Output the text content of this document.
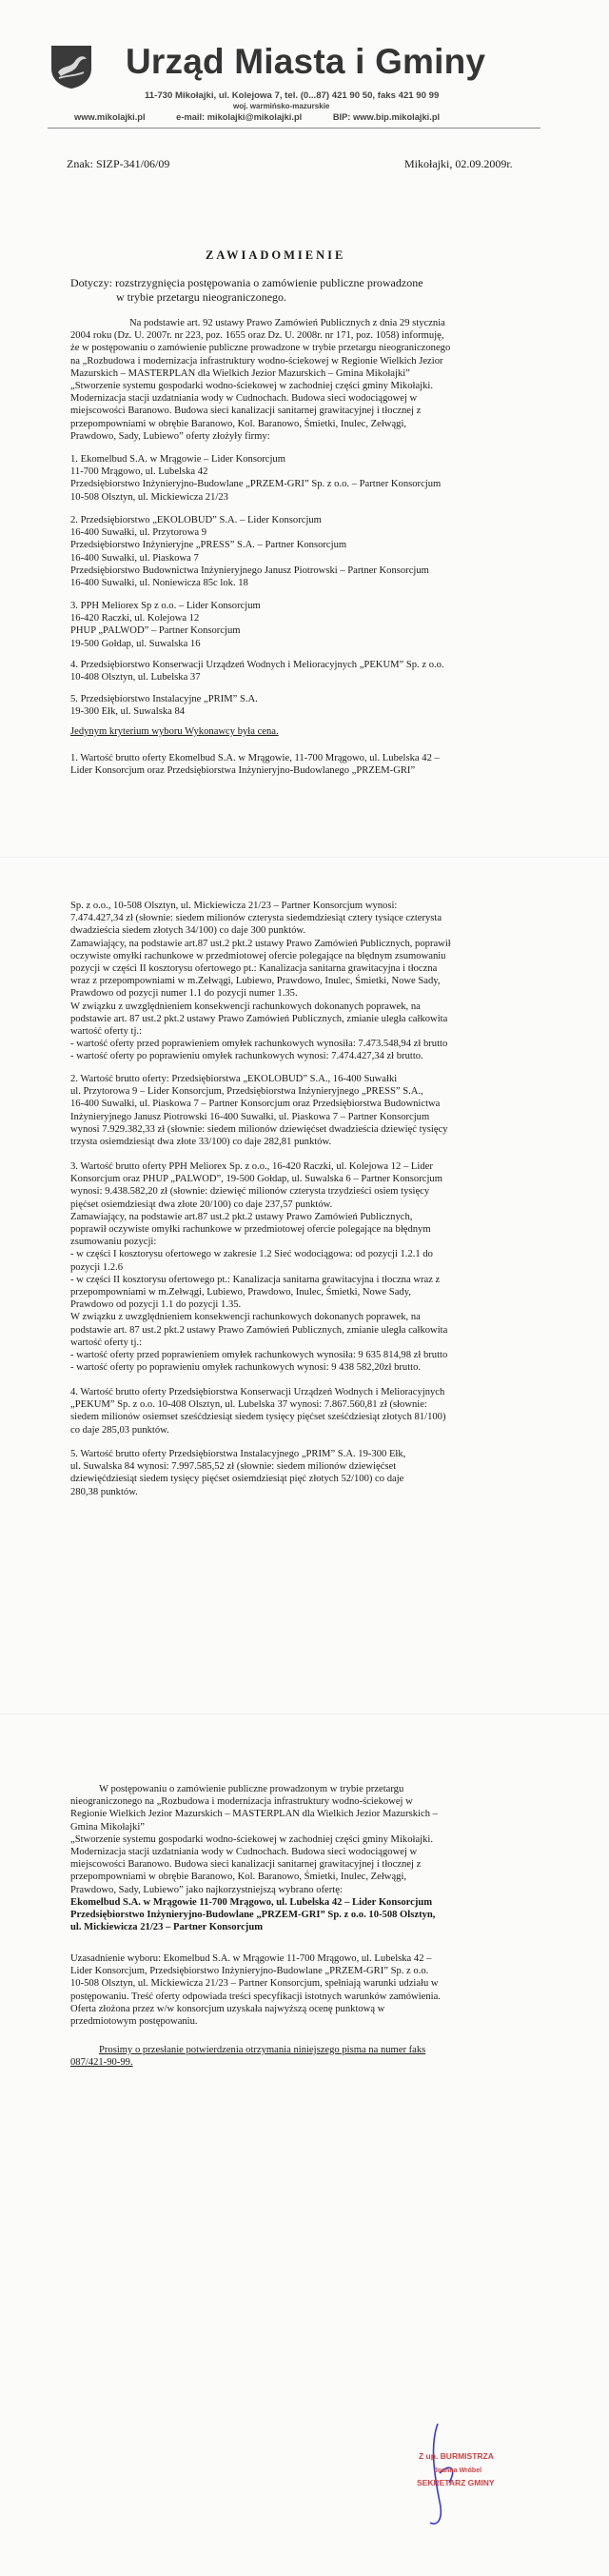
Urząd Miasta i Gminy
11-730 Mikołajki, ul. Kolejowa 7, tel. (0...87) 421 90 50, faks 421 90 99
woj. warmińsko-mazurskie
www.mikolajki.pl	e-mail: mikolajki@mikolajki.pl	BIP: www.bip.mikolajki.pl
Znak: SIZP-341/06/09	Mikołajki, 02.09.2009r.
ZAWIADOMIENIE
Dotyczy: rozstrzygnięcia postępowania o zamówienie publiczne prowadzone
w trybie przetargu nieograniczonego.
Na podstawie art. 92 ustawy Prawo Zamówień Publicznych z dnia 29 stycznia
2004 roku (Dz. U. 2007r. nr 223, poz. 1655 oraz Dz. U. 2008r. nr 171, poz. 1058) informuję,
że w postępowaniu o zamówienie publiczne prowadzone w trybie przetargu nieograniczonego
na „Rozbudowa i modernizacja infrastruktury wodno-ściekowej w Regionie Wielkich Jezior
Mazurskich – MASTERPLAN dla Wielkich Jezior Mazurskich – Gmina Mikołajki”
„Stworzenie systemu gospodarki wodno-ściekowej w zachodniej części gminy Mikołajki.
Modernizacja stacji uzdatniania wody w Cudnochach. Budowa sieci wodociągowej w
miejscowości Baranowo. Budowa sieci kanalizacji sanitarnej grawitacyjnej i tłocznej z
przepompowniami w obrębie Baranowo, Kol. Baranowo, Śmietki, Inulec, Zełwągi,
Prawdowo, Sady, Lubiewo” oferty złożyły firmy:
1. Ekomelbud S.A. w Mrągowie – Lider Konsorcjum
11-700 Mrągowo, ul. Lubelska 42
Przedsiębiorstwo Inżynieryjno-Budowlane „PRZEM-GRI” Sp. z o.o. – Partner Konsorcjum
10-508 Olsztyn, ul. Mickiewicza 21/23
2. Przedsiębiorstwo „EKOLOBUD” S.A. – Lider Konsorcjum
16-400 Suwałki, ul. Przytorowa 9
Przedsiębiorstwo Inżynieryjne „PRESS” S.A. – Partner Konsorcjum
16-400 Suwałki, ul. Piaskowa 7
Przedsiębiorstwo Budownictwa Inżynieryjnego Janusz Piotrowski – Partner Konsorcjum
16-400 Suwałki, ul. Noniewicza 85c lok. 18
3. PPH Meliorex Sp z o.o. – Lider Konsorcjum
16-420 Raczki, ul. Kolejowa 12
PHUP „PALWOD” – Partner Konsorcjum
19-500 Gołdap, ul. Suwalska 16
4. Przedsiębiorstwo Konserwacji Urządzeń Wodnych i Melioracyjnych „PEKUM” Sp. z o.o.
10-408 Olsztyn, ul. Lubelska 37
5. Przedsiębiorstwo Instalacyjne „PRIM” S.A.
19-300 Ełk, ul. Suwalska 84
Jedynym kryterium wyboru Wykonawcy była cena.
1. Wartość brutto oferty Ekomelbud S.A. w Mrągowie, 11-700 Mrągowo, ul. Lubelska 42 –
Lider Konsorcjum oraz Przedsiębiorstwa Inżynieryjno-Budowlanego „PRZEM-GRI”
Sp. z o.o., 10-508 Olsztyn, ul. Mickiewicza 21/23 – Partner Konsorcjum wynosi:
7.474.427,34 zł (słownie: siedem milionów czterysta siedemdziesiąt cztery tysiące czterysta
dwadzieścia siedem złotych 34/100) co daje 300 punktów.
Zamawiający, na podstawie art.87 ust.2 pkt.2 ustawy Prawo Zamówień Publicznych, poprawił
oczywiste omyłki rachunkowe w przedmiotowej ofercie polegające na błędnym zsumowaniu
pozycji w części II kosztorysu ofertowego pt.: Kanalizacja sanitarna grawitacyjna i tłoczna
wraz z przepompowniami w m.Zełwągi, Lubiewo, Prawdowo, Inulec, Śmietki, Nowe Sady,
Prawdowo od pozycji numer 1.1 do pozycji numer 1.35.
W związku z uwzględnieniem konsekwencji rachunkowych dokonanych poprawek, na
podstawie art. 87 ust.2 pkt.2 ustawy Prawo Zamówień Publicznych, zmianie uległa całkowita
wartość oferty tj.:
- wartość oferty przed poprawieniem omyłek rachunkowych wynosiła: 7.473.548,94 zł brutto
- wartość oferty po poprawieniu omyłek rachunkowych wynosi: 7.474.427,34 zł brutto.
2. Wartość brutto oferty: Przedsiębiorstwa „EKOLOBUD” S.A., 16-400 Suwałki
ul. Przytorowa 9 – Lider Konsorcjum, Przedsiębiorstwa Inżynieryjnego „PRESS” S.A.,
16-400 Suwałki, ul. Piaskowa 7 – Partner Konsorcjum oraz Przedsiębiorstwa Budownictwa
Inżynieryjnego Janusz Piotrowski 16-400 Suwałki, ul. Piaskowa 7 – Partner Konsorcjum
wynosi 7.929.382,33 zł (słownie: siedem milionów dziewięćset dwadzieścia dziewięć tysięcy
trzysta osiemdziesiąt dwa złote 33/100) co daje 282,81 punktów.
3. Wartość brutto oferty PPH Meliorex Sp. z o.o., 16-420 Raczki, ul. Kolejowa 12 – Lider
Konsorcjum oraz PHUP „PALWOD”, 19-500 Gołdap, ul. Suwalska 6 – Partner Konsorcjum
wynosi: 9.438.582,20 zł (słownie: dziewięć milionów czterysta trzydzieści osiem tysięcy
pięćset osiemdziesiąt dwa złote 20/100) co daje 237,57 punktów.
Zamawiający, na podstawie art.87 ust.2 pkt.2 ustawy Prawo Zamówień Publicznych,
poprawił oczywiste omyłki rachunkowe w przedmiotowej ofercie polegające na błędnym
zsumowaniu pozycji:
- w części I kosztorysu ofertowego w zakresie 1.2 Sieć wodociągowa: od pozycji 1.2.1 do
pozycji 1.2.6
- w części II kosztorysu ofertowego pt.: Kanalizacja sanitarna grawitacyjna i tłoczna wraz z
przepompowniami w m.Zełwągi, Lubiewo, Prawdowo, Inulec, Śmietki, Nowe Sady,
Prawdowo od pozycji 1.1 do pozycji 1.35.
W związku z uwzględnieniem konsekwencji rachunkowych dokonanych poprawek, na
podstawie art. 87 ust.2 pkt.2 ustawy Prawo Zamówień Publicznych, zmianie uległa całkowita
wartość oferty tj.:
- wartość oferty przed poprawieniem omyłek rachunkowych wynosiła: 9 635 814,98 zł brutto
- wartość oferty po poprawieniu omyłek rachunkowych wynosi: 9 438 582,20zł brutto.
4. Wartość brutto oferty Przedsiębiorstwa Konserwacji Urządzeń Wodnych i Melioracyjnych
„PEKUM” Sp. z o.o. 10-408 Olsztyn, ul. Lubelska 37 wynosi: 7.867.560,81 zł (słownie:
siedem milionów osiemset sześćdziesiąt siedem tysięcy pięćset sześćdziesiąt złotych 81/100)
co daje 285,03 punktów.
5. Wartość brutto oferty Przedsiębiorstwa Instalacyjnego „PRIM” S.A. 19-300 Ełk,
ul. Suwalska 84 wynosi: 7.997.585,52 zł (słownie: siedem milionów dziewięćset
dziewięćdziesiąt siedem tysięcy pięćset osiemdziesiąt pięć złotych 52/100) co daje
280,38 punktów.
W postępowaniu o zamówienie publiczne prowadzonym w trybie przetargu
nieograniczonego na „Rozbudowa i modernizacja infrastruktury wodno-ściekowej w
Regionie Wielkich Jezior Mazurskich – MASTERPLAN dla Wielkich Jezior Mazurskich –
Gmina Mikołajki”
„Stworzenie systemu gospodarki wodno-ściekowej w zachodniej części gminy Mikołajki.
Modernizacja stacji uzdatniania wody w Cudnochach. Budowa sieci wodociągowej w
miejscowości Baranowo. Budowa sieci kanalizacji sanitarnej grawitacyjnej i tłocznej z
przepompowniami w obrębie Baranowo, Kol. Baranowo, Śmietki, Inulec, Zełwągi,
Prawdowo, Sady, Lubiewo” jako najkorzystniejszą wybrano ofertę:
Ekomelbud S.A. w Mrągowie 11-700 Mrągowo, ul. Lubelska 42 – Lider Konsorcjum
Przedsiębiorstwo Inżynieryjno-Budowlane „PRZEM-GRI” Sp. z o.o. 10-508 Olsztyn,
ul. Mickiewicza 21/23 – Partner Konsorcjum
Uzasadnienie wyboru: Ekomelbud S.A. w Mrągowie 11-700 Mrągowo, ul. Lubelska 42 –
Lider Konsorcjum, Przedsiębiorstwo Inżynieryjno-Budowlane „PRZEM-GRI” Sp. z o.o.
10-508 Olsztyn, ul. Mickiewicza 21/23 – Partner Konsorcjum, spełniają warunki udziału w
postępowaniu. Treść oferty odpowiada treści specyfikacji istotnych warunków zamówienia.
Oferta złożona przez w/w konsorcjum uzyskała najwyższą ocenę punktową w
przedmiotowym postępowaniu.
Prosimy o przesłanie potwierdzenia otrzymania niniejszego pisma na numer faks
087/421-90-99.
Z up. BURMISTRZA
Joanna Wróbel
SEKRETARZ GMINY
